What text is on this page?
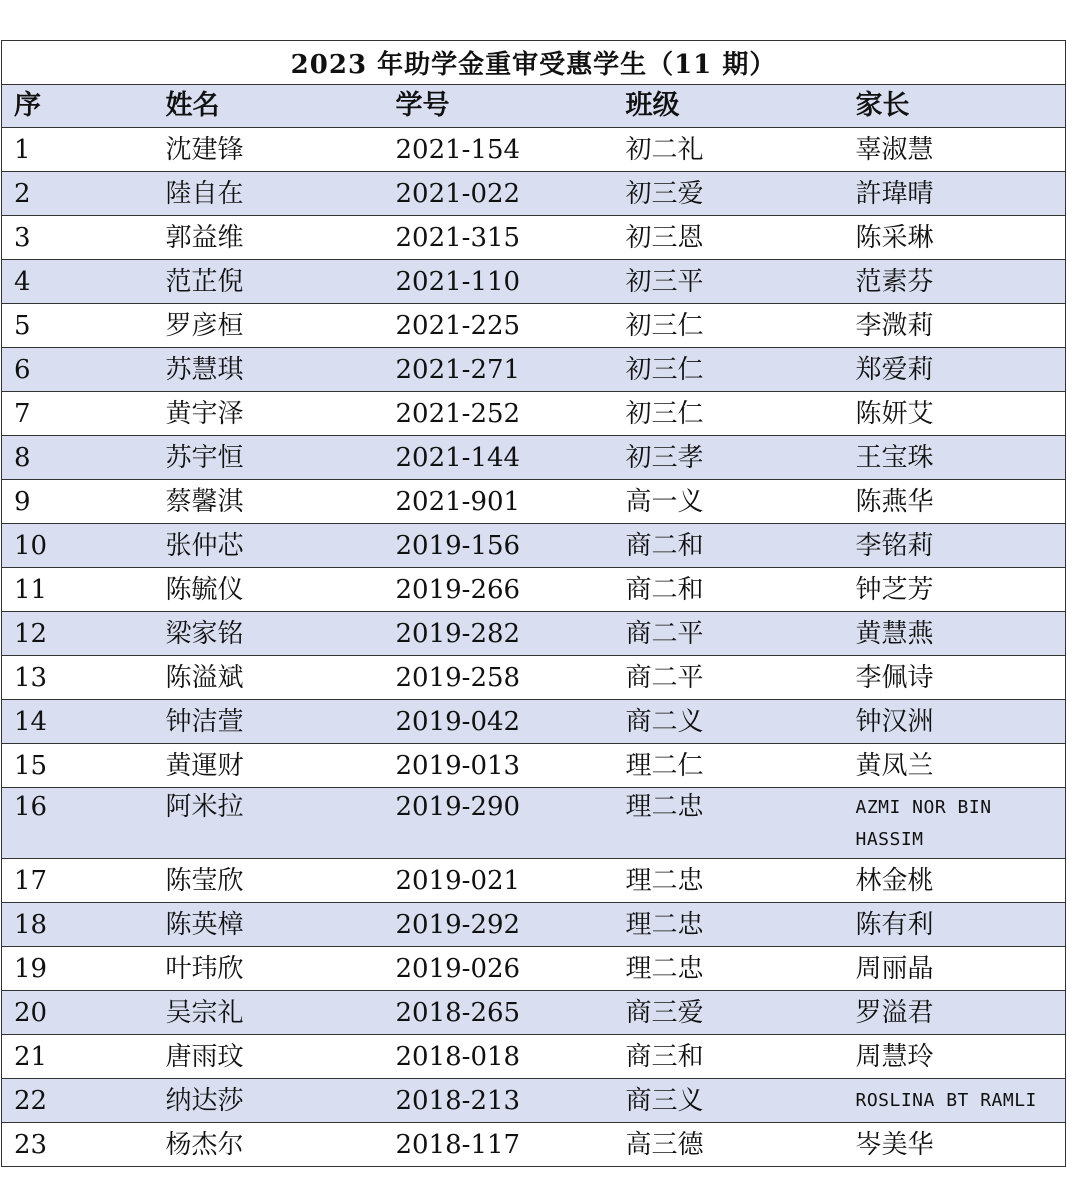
2023 年助学金重审受惠学生（11 期）				

序	姓名	学号	班级	家长

1	沈建锋	2021-154	初二礼	辜淑慧

2	陸自在	2021-022	初三爱	許瑋晴

3	郭益维	2021-315	初三恩	陈采琳

4	范芷倪	2021-110	初三平	范素芬

5	罗彦桓	2021-225	初三仁	李溦莉

6	苏慧琪	2021-271	初三仁	郑爱莉

7	黄宇泽	2021-252	初三仁	陈妍艾

8	苏宇恒	2021-144	初三孝	王宝珠

9	蔡馨淇	2021-901	高一义	陈燕华

10	张仲芯	2019-156	商二和	李铭莉

11	陈毓仪	2019-266	商二和	钟芝芳

12	梁家铭	2019-282	商二平	黄慧燕

13	陈溢斌	2019-258	商二平	李佩诗

14	钟洁萱	2019-042	商二义	钟汉洲

15	黄運财	2019-013	理二仁	黄凤兰

16	阿米拉	2019-290	理二忠	AZMI NOR BIN HASSIM

17	陈莹欣	2019-021	理二忠	林金桃

18	陈英樟	2019-292	理二忠	陈有利

19	叶玮欣	2019-026	理二忠	周丽晶

20	吴宗礼	2018-265	商三爱	罗溢君

21	唐雨玟	2018-018	商三和	周慧玲

22	纳达莎	2018-213	商三义	ROSLINA BT RAMLI

23	杨杰尔	2018-117	高三德	岑美华
